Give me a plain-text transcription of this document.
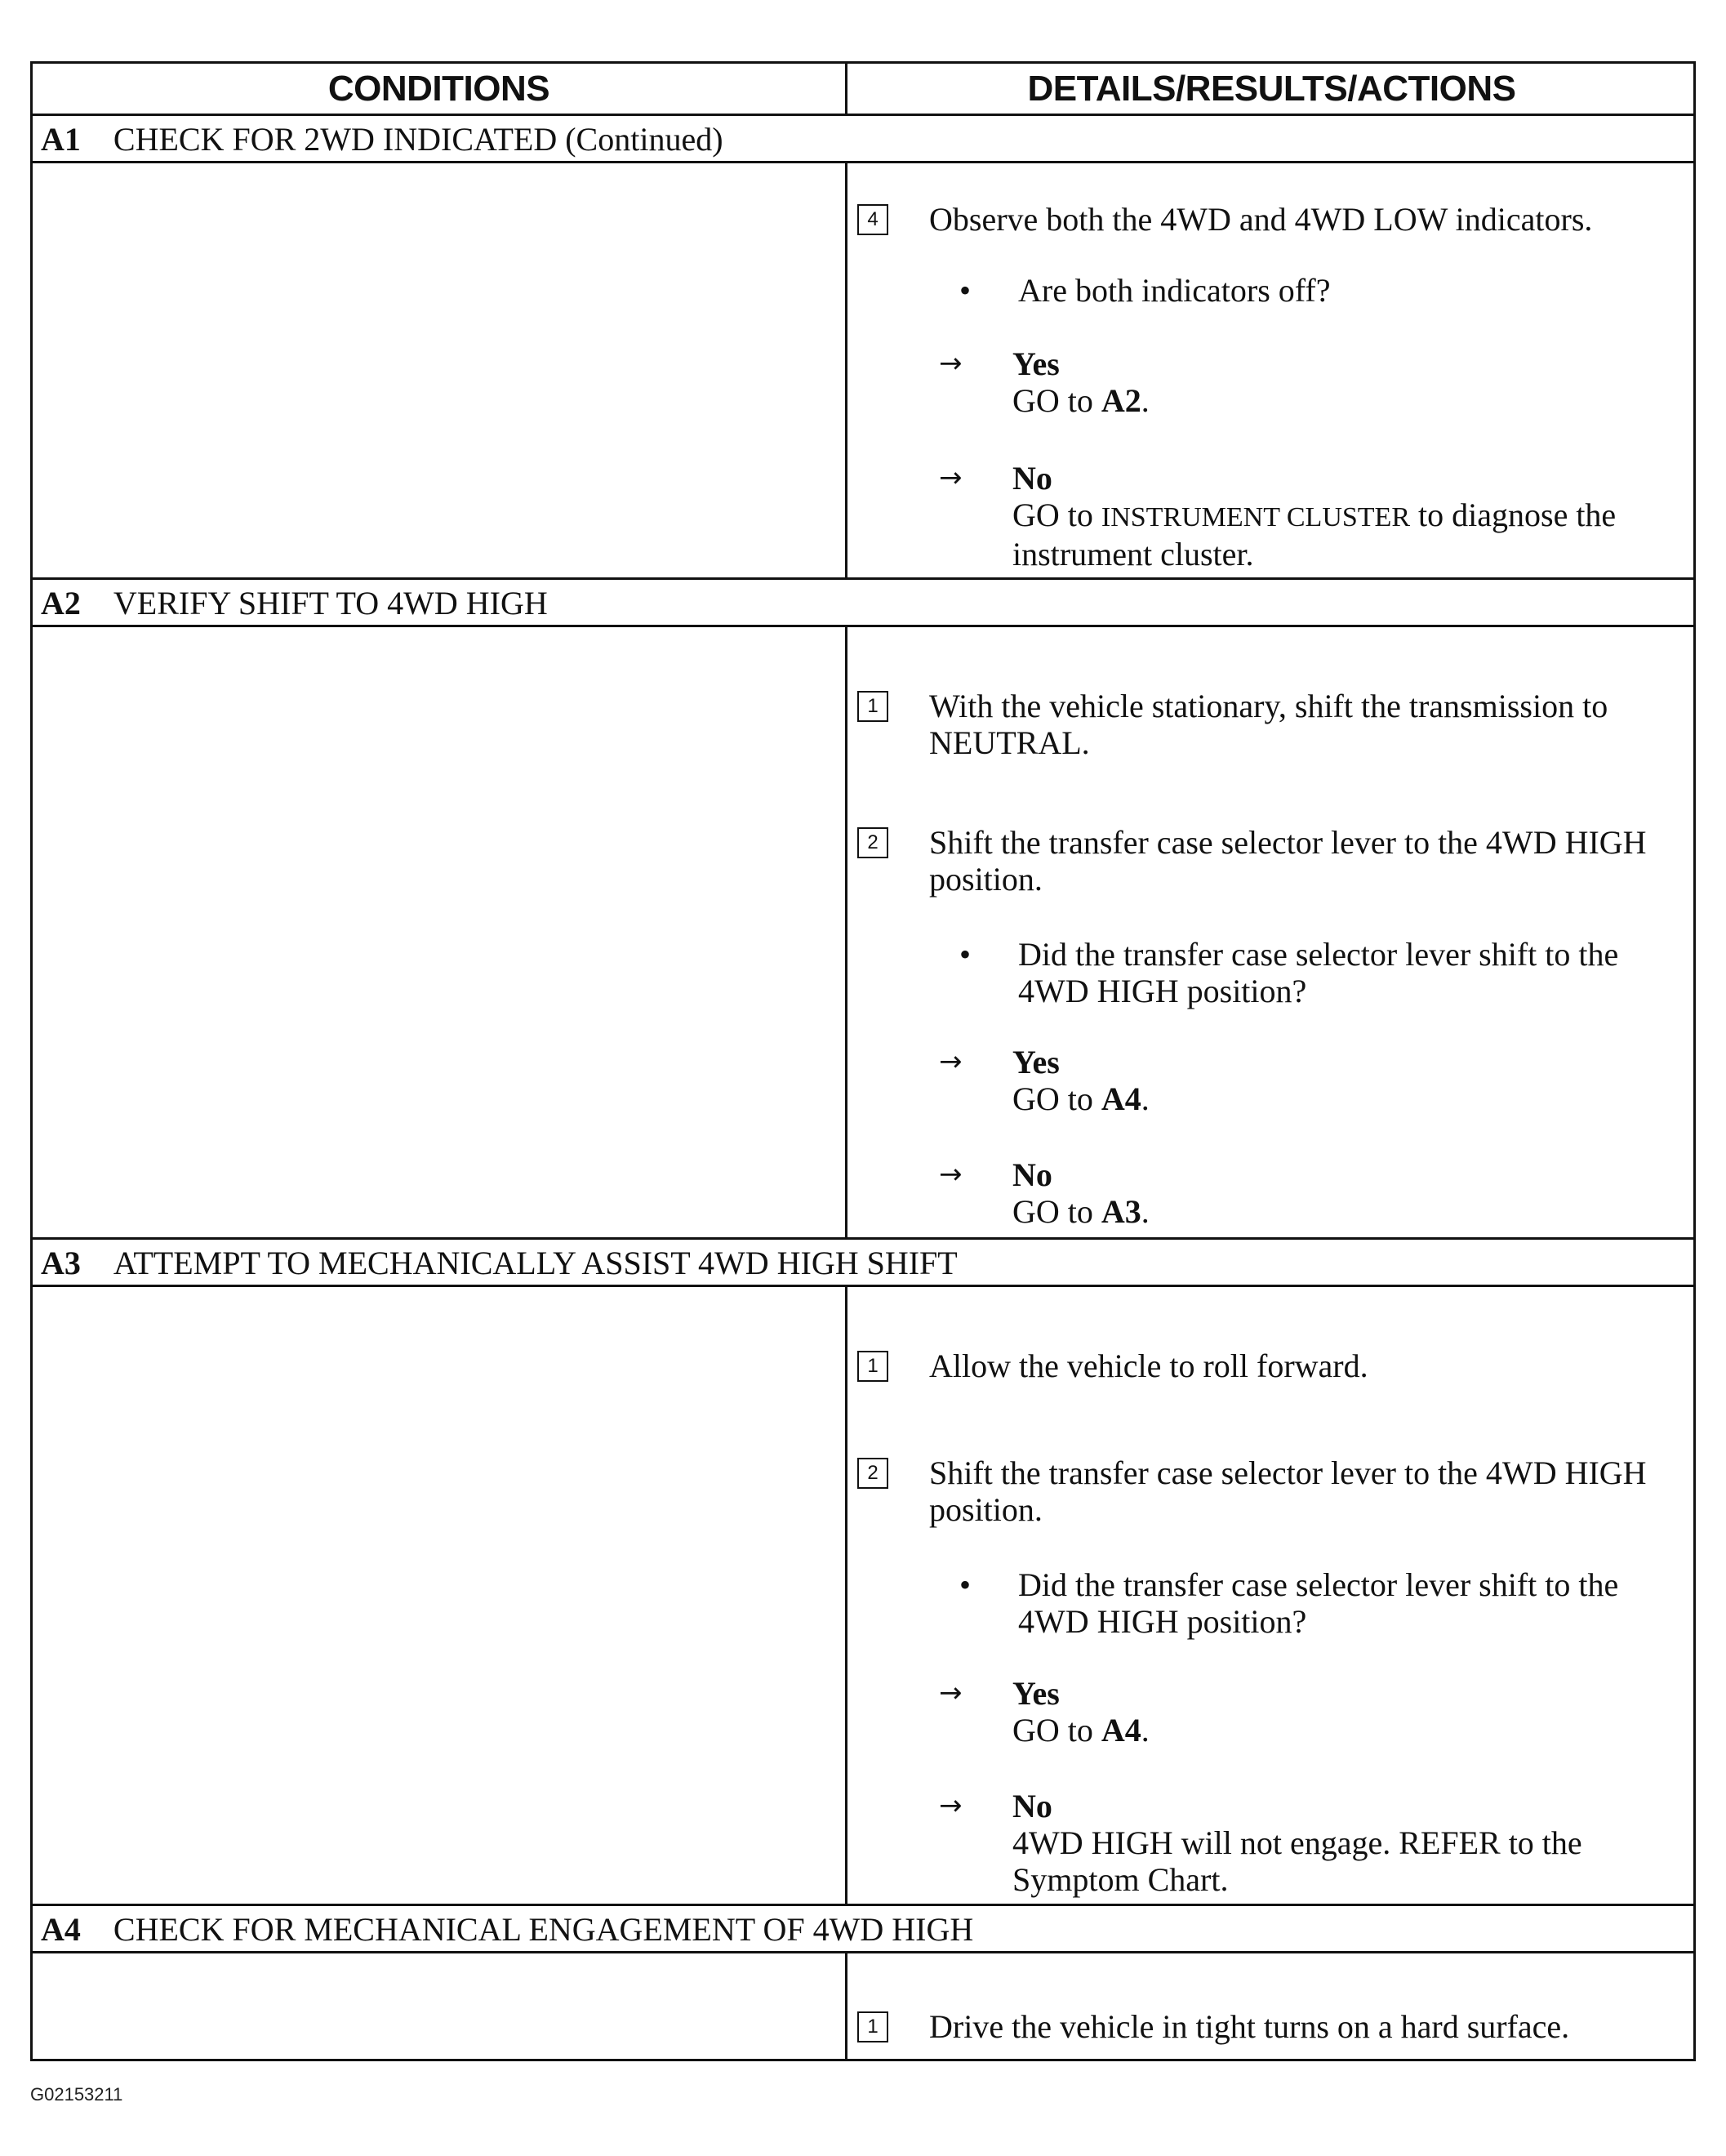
CONDITIONS	DETAILS/RESULTS/ACTIONS
A1 CHECK FOR 2WD INDICATED (Continued)
4	Observe both the 4WD and 4WD LOW indicators.
• Are both indicators off?
→ Yes
GO to A2.
→ No
GO to INSTRUMENT CLUSTER to diagnose the instrument cluster.
A2 VERIFY SHIFT TO 4WD HIGH
1	With the vehicle stationary, shift the transmission to NEUTRAL.
2	Shift the transfer case selector lever to the 4WD HIGH position.
• Did the transfer case selector lever shift to the 4WD HIGH position?
→ Yes
GO to A4.
→ No
GO to A3.
A3 ATTEMPT TO MECHANICALLY ASSIST 4WD HIGH SHIFT
1	Allow the vehicle to roll forward.
2	Shift the transfer case selector lever to the 4WD HIGH position.
• Did the transfer case selector lever shift to the 4WD HIGH position?
→ Yes
GO to A4.
→ No
4WD HIGH will not engage. REFER to the Symptom Chart.
A4 CHECK FOR MECHANICAL ENGAGEMENT OF 4WD HIGH
1	Drive the vehicle in tight turns on a hard surface.
G02153211
